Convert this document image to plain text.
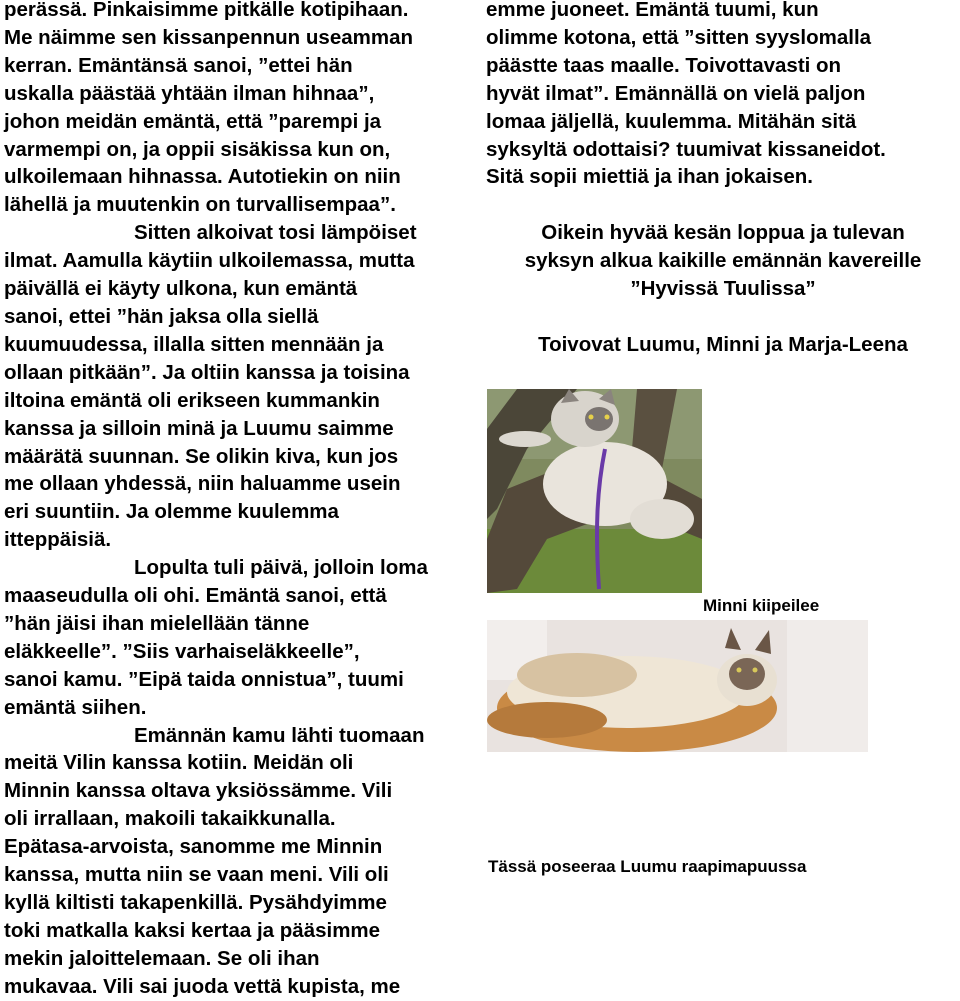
perässä. Pinkaisimme pitkälle kotipihaan.
Me näimme sen kissanpennun useamman
kerran. Emäntänsä sanoi, ”ettei hän
uskalla päästää yhtään ilman hihnaa”,
johon meidän emäntä, että ”parempi ja
varmempi on, ja oppii sisäkissa kun on,
ulkoilemaan hihnassa. Autotiekin on niin
lähellä ja muutenkin on turvallisempaa”.
Sitten alkoivat tosi lämpöiset
ilmat. Aamulla käytiin ulkoilemassa, mutta
päivällä ei käyty ulkona, kun emäntä
sanoi, ettei ”hän jaksa olla siellä
kuumuudessa, illalla sitten mennään ja
ollaan pitkään”. Ja oltiin kanssa ja toisina
iltoina emäntä oli erikseen kummankin
kanssa ja silloin minä ja Luumu saimme
määrätä suunnan. Se olikin kiva, kun jos
me ollaan yhdessä, niin haluamme usein
eri suuntiin. Ja olemme kuulemma
itteppäisiä.
Lopulta tuli päivä, jolloin loma
maaseudulla oli ohi. Emäntä sanoi, että
”hän jäisi ihan mielellään tänne
eläkkeelle”. ”Siis varhaiseläkkeelle”,
sanoi kamu. ”Eipä taida onnistua”, tuumi
emäntä siihen.
Emännän kamu lähti tuomaan
meitä Vilin kanssa kotiin. Meidän oli
Minnin kanssa oltava yksiössämme. Vili
oli irrallaan, makoili takaikkunalla.
Epätasa-arvoista, sanomme me Minnin
kanssa, mutta niin se vaan meni. Vili oli
kyllä kiltisti takapenkillä. Pysähdyimme
toki matkalla kaksi kertaa ja pääsimme
mekin jaloittelemaan. Se oli ihan
mukavaa. Vili sai juoda vettä kupista, me
emme juoneet. Emäntä tuumi, kun
olimme kotona, että ”sitten syyslomalla
päästte taas maalle. Toivottavasti on
hyvät ilmat”. Emännällä on vielä paljon
lomaa jäljellä, kuulemma. Mitähän sitä
syksyltä odottaisi? tuumivat kissaneidot.
Sitä sopii miettiä ja ihan jokaisen.
Oikein hyvää kesän loppua ja tulevan
syksyn alkua kaikille emännän kavereille
”Hyvissä Tuulissa”
Toivovat Luumu, Minni ja Marja-Leena
Minni kiipeilee
Tässä poseeraa Luumu raapimapuussa
